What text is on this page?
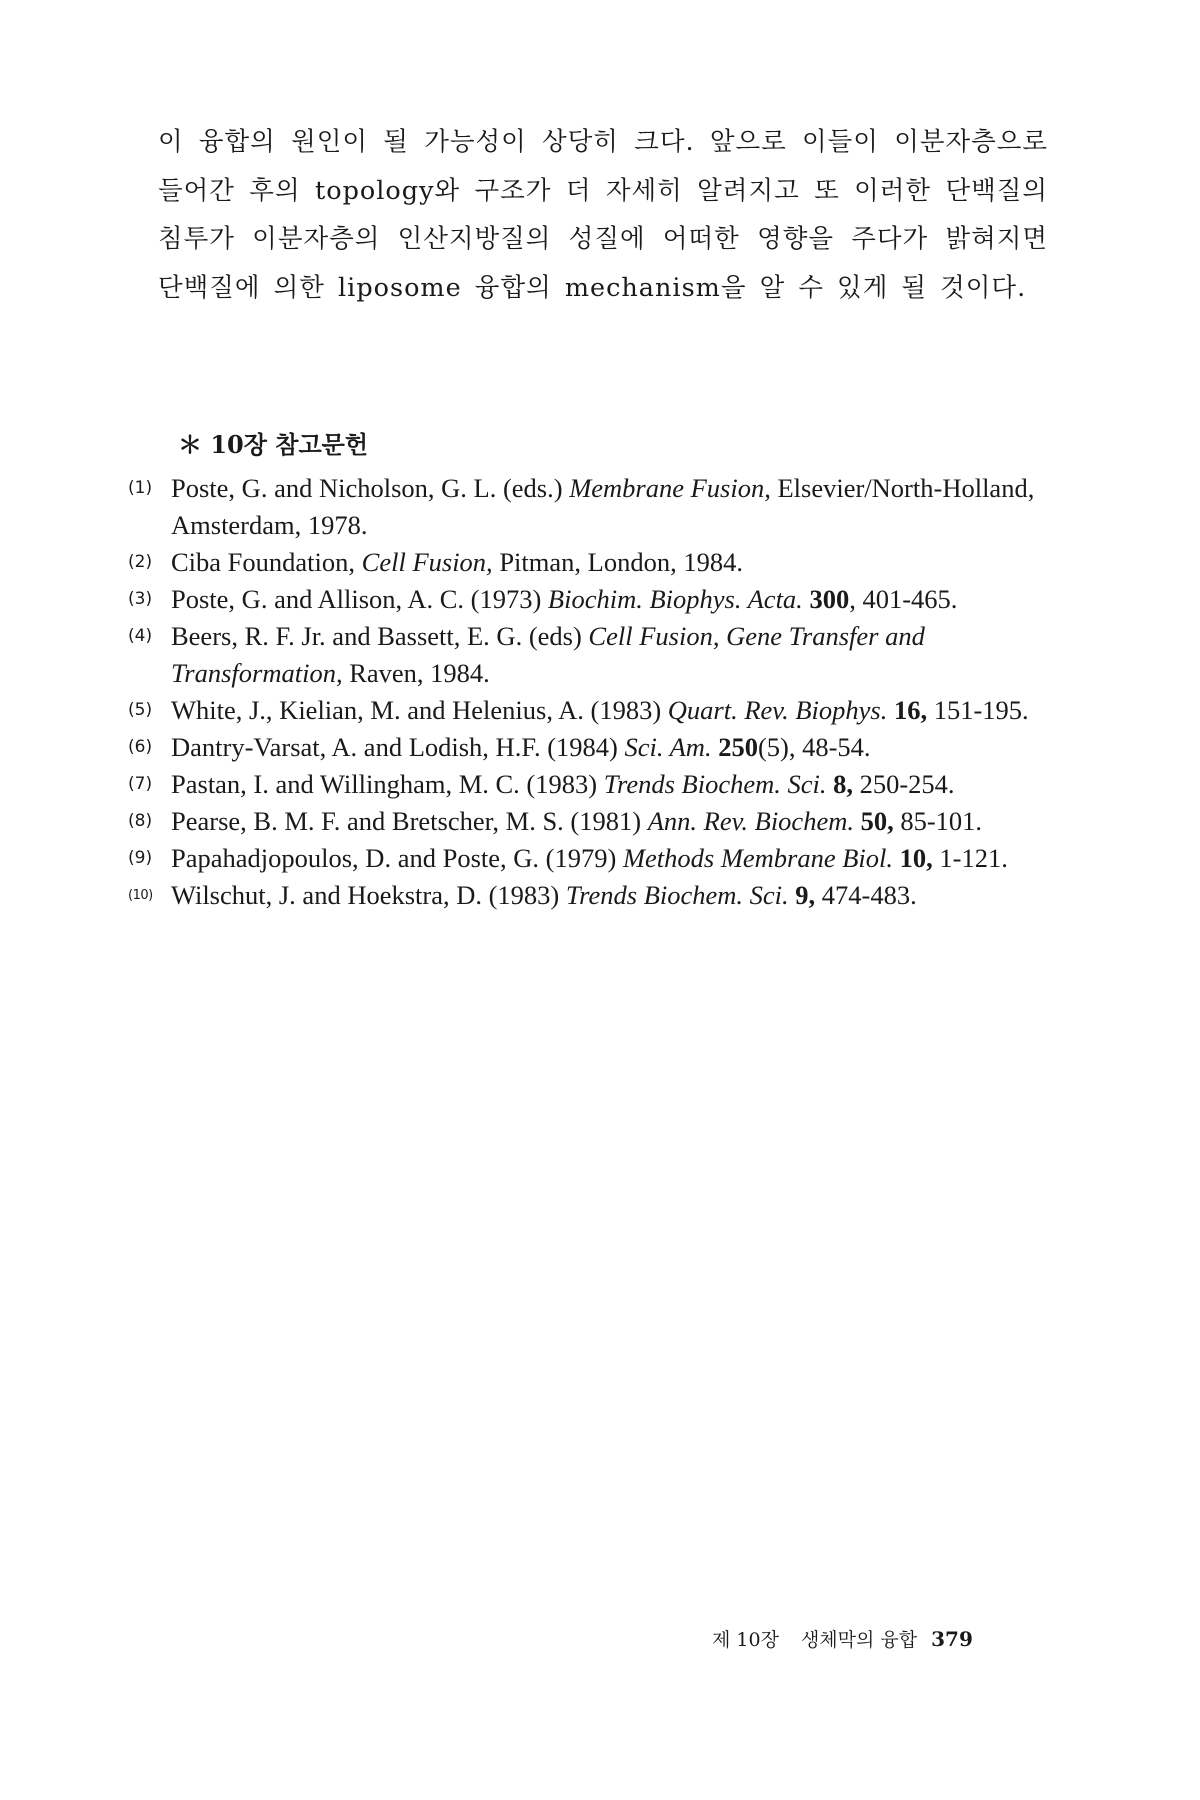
이 융합의 원인이 될 가능성이 상당히 크다. 앞으로 이들이 이분자층으로 들어간 후의 topology와 구조가 더 자세히 알려지고 또 이러한 단백질의 침투가 이분자층의 인산지방질의 성질에 어떠한 영향을 주다가 밝혀지면 단백질에 의한 liposome 융합의 mechanism을 알 수 있게 될 것이다.

＊ 10장 참고문헌
(1) Poste, G. and Nicholson, G. L. (eds.) Membrane Fusion, Elsevier/North-Holland, Amsterdam, 1978.
(2) Ciba Foundation, Cell Fusion, Pitman, London, 1984.
(3) Poste, G. and Allison, A. C. (1973) Biochim. Biophys. Acta. 300, 401-465.
(4) Beers, R. F. Jr. and Bassett, E. G. (eds) Cell Fusion, Gene Transfer and Transformation, Raven, 1984.
(5) White, J., Kielian, M. and Helenius, A. (1983) Quart. Rev. Biophys. 16, 151-195.
(6) Dantry-Varsat, A. and Lodish, H.F. (1984) Sci. Am. 250(5), 48-54.
(7) Pastan, I. and Willingham, M. C. (1983) Trends Biochem. Sci. 8, 250-254.
(8) Pearse, B. M. F. and Bretscher, M. S. (1981) Ann. Rev. Biochem. 50, 85-101.
(9) Papahadjopoulos, D. and Poste, G. (1979) Methods Membrane Biol. 10, 1-121.
(10) Wilschut, J. and Hoekstra, D. (1983) Trends Biochem. Sci. 9, 474-483.
제 10장 생체막의 융합 379
